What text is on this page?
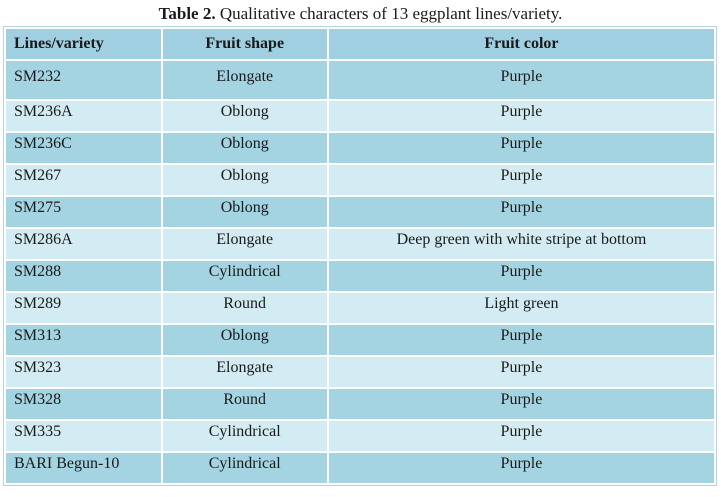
Table 2. Qualitative characters of 13 eggplant lines/variety.
Lines/variety	Fruit shape	Fruit color
SM232	Elongate	Purple
SM236A	Oblong	Purple
SM236C	Oblong	Purple
SM267	Oblong	Purple
SM275	Oblong	Purple
SM286A	Elongate	Deep green with white stripe at bottom
SM288	Cylindrical	Purple
SM289	Round	Light green
SM313	Oblong	Purple
SM323	Elongate	Purple
SM328	Round	Purple
SM335	Cylindrical	Purple
BARI Begun-10	Cylindrical	Purple
